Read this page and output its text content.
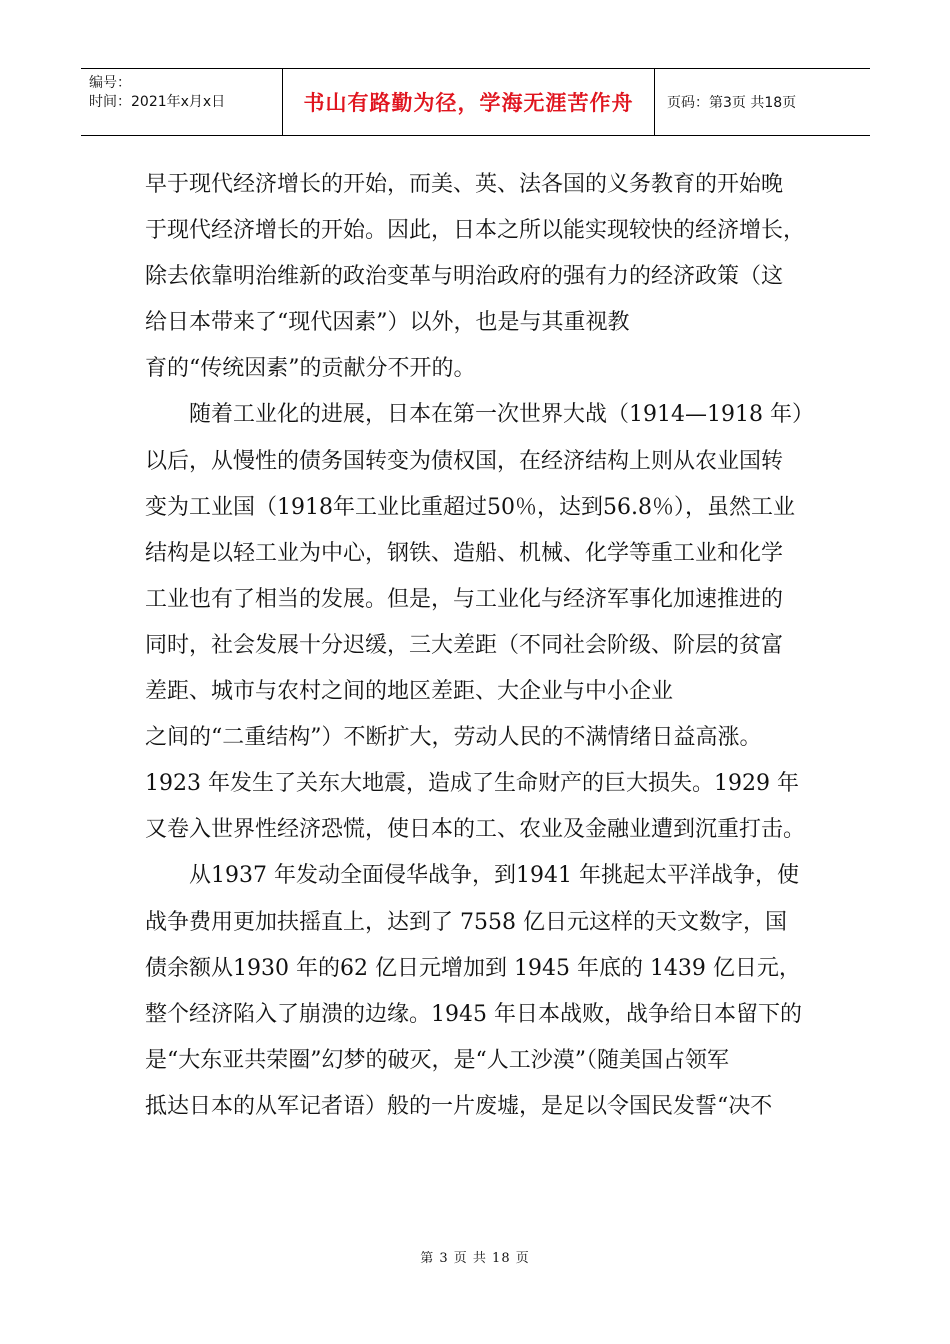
编号：
时间：2021年x月x日	书山有路勤为径，学海无涯苦作舟 页码：第3页 共18页
早于现代经济增长的开始，而美、英、法各国的义务教育的开始晚
于现代经济增长的开始。因此，日本之所以能实现较快的经济增长，
除去依靠明治维新的政治变革与明治政府的强有力的经济政策（这
给日本带来了“现代因素”）以外，也是与其重视教
育的“传统因素”的贡献分不开的。
　　随着工业化的进展，日本在第一次世界大战（1914—1918 年）
以后，从慢性的债务国转变为债权国，在经济结构上则从农业国转
变为工业国（1918年工业比重超过50％，达到56.8％），虽然工业
结构是以轻工业为中心，钢铁、造船、机械、化学等重工业和化学
工业也有了相当的发展。但是，与工业化与经济军事化加速推进的
同时，社会发展十分迟缓，三大差距（不同社会阶级、阶层的贫富
差距、城市与农村之间的地区差距、大企业与中小企业
之间的“二重结构”）不断扩大，劳动人民的不满情绪日益高涨。
1923 年发生了关东大地震，造成了生命财产的巨大损失。1929 年
又卷入世界性经济恐慌，使日本的工、农业及金融业遭到沉重打击。
　　从1937 年发动全面侵华战争，到1941 年挑起太平洋战争，使
战争费用更加扶摇直上，达到了 7558 亿日元这样的天文数字，国
债余额从1930 年的62 亿日元增加到 1945 年底的 1439 亿日元，
整个经济陷入了崩溃的边缘。1945 年日本战败，战争给日本留下的
是“大东亚共荣圈”幻梦的破灭，是“人工沙漠”（随美国占领军
抵达日本的从军记者语）般的一片废墟，是足以令国民发誓“决不
第 3 页 共 18 页
